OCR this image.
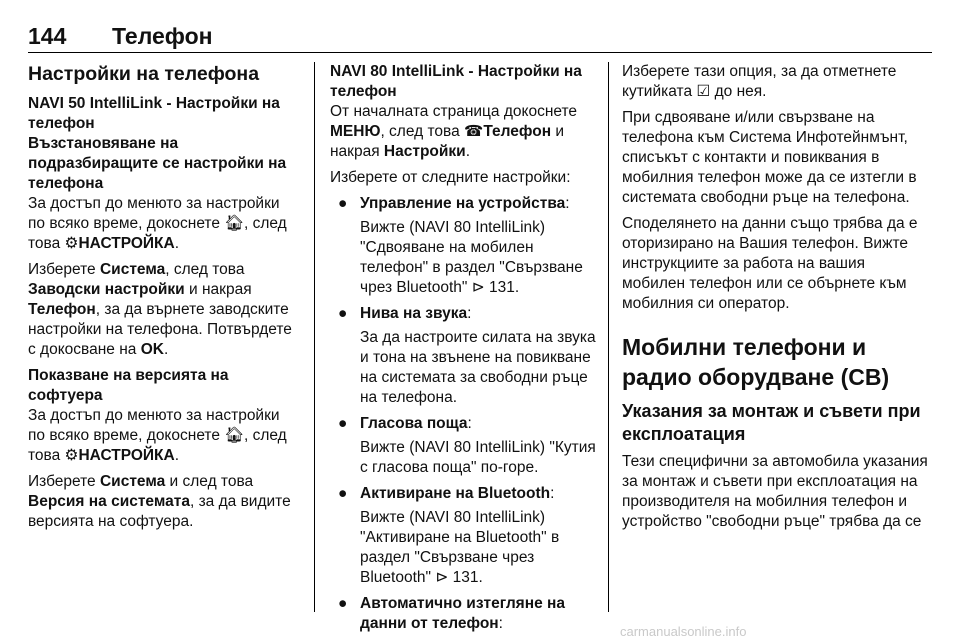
144 Телефон
Настройки на телефона
NAVI 50 IntelliLink - Настройки на телефон
Възстановяване на подразбиращите се настройки на телефона

За достъп до менюто за настройки по всяко време, докоснете 🏠︎, след това ⚙НАСТРОЙКА.

Изберете Система, след това Заводски настройки и накрая Телефон, за да върнете заводските настройки на телефона. Потвърдете с докосване на OK.

Показване на версията на софтуера

За достъп до менюто за настройки по всяко време, докоснете 🏠︎, след това ⚙НАСТРОЙКА.

Изберете Система и след това Версия на системата, за да видите версията на софтуера.

NAVI 80 IntelliLink - Настройки на телефон

От началната страница докоснете МЕНЮ, след това ☎Телефон и накрая Настройки.

Изберете от следните настройки:

● Управление на устройства:

Вижте (NAVI 80 IntelliLink) "Сдвояване на мобилен телефон" в раздел "Свързване чрез Bluetooth" ⊳ 131.

● Нива на звука:

За да настроите силата на звука и тона на звънене на повикване на системата за свободни ръце на телефона.

● Гласова поща:

Вижте (NAVI 80 IntelliLink) "Кутия с гласова поща" по-горе.

● Активиране на Bluetooth:

Вижте (NAVI 80 IntelliLink) "Активиране на Bluetooth" в раздел "Свързване чрез Bluetooth" ⊳ 131.

● Автоматично изтегляне на данни от телефон:

Изберете тази опция, за да отметнете кутийката ☑ до нея.

При сдвояване и/или свързване на телефона към Система Инфотейнмънт, списъкът с контакти и повиквания в мобилния телефон може да се изтегли в системата свободни ръце на телефона.

Споделянето на данни също трябва да е оторизирано на Вашия телефон. Вижте инструкциите за работа на вашия мобилен телефон или се обърнете към мобилния си оператор.

Мобилни телефони и радио оборудване (CB)
Указания за монтаж и съвети при експлоатация

Тези специфични за автомобила указания за монтаж и съвети при експлоатация на производителя на мобилния телефон и устройство "свободни ръце" трябва да се

carmanualsonline.info
